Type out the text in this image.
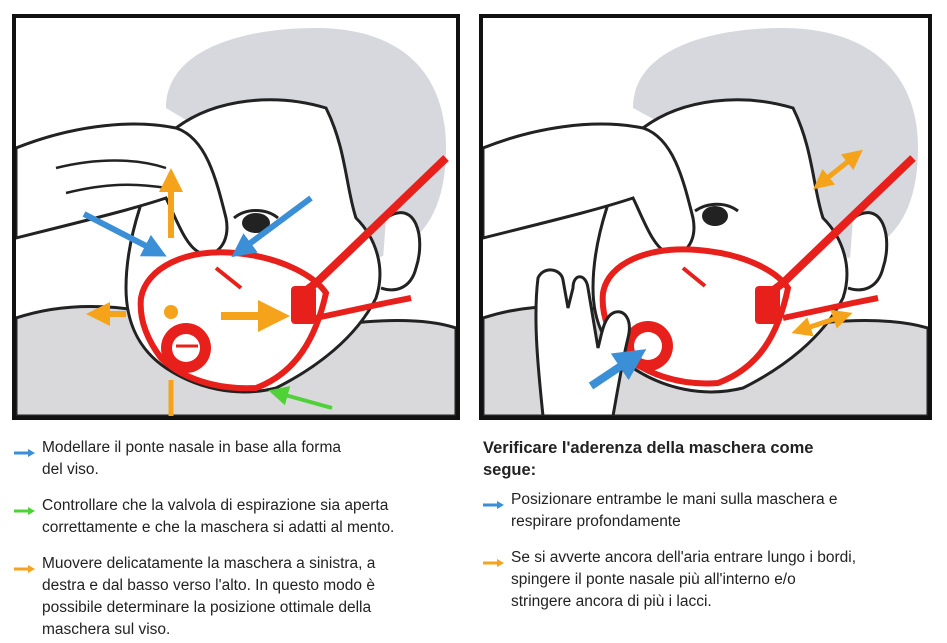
Modellare il ponte nasale in base alla forma
del viso.
Controllare che la valvola di espirazione sia aperta
correttamente e che la maschera si adatti al mento.
Muovere delicatamente la maschera a sinistra, a
destra e dal basso verso l'alto. In questo modo è
possibile determinare la posizione ottimale della
maschera sul viso.
Verificare l'aderenza della maschera come
segue:
Posizionare entrambe le mani sulla maschera e
respirare profondamente
Se si avverte ancora dell'aria entrare lungo i bordi,
spingere il ponte nasale più all'interno e/o
stringere ancora di più i lacci.
